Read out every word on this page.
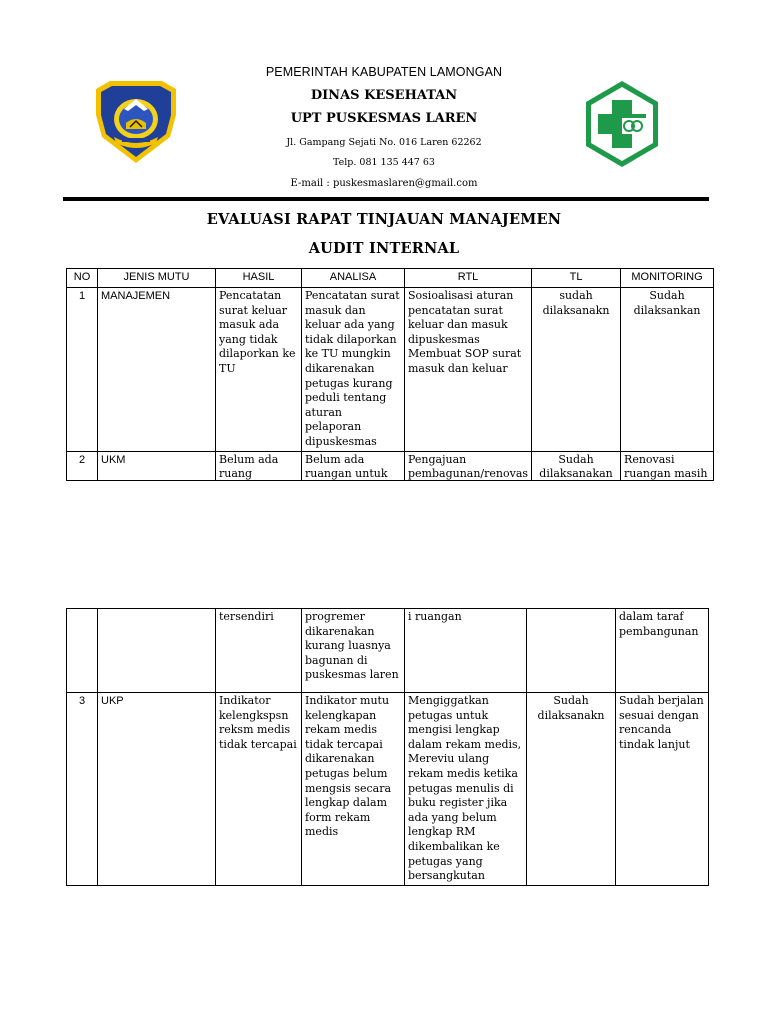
PEMERINTAH KABUPATEN LAMONGAN
DINAS KESEHATAN
UPT PUSKESMAS LAREN
Jl. Gampang Sejati No. 016 Laren 62262
Telp. 081 135 447 63
E-mail : puskesmaslaren@gmail.com
EVALUASI RAPAT TINJAUAN MANAJEMEN
AUDIT INTERNAL
NO	JENIS MUTU	HASIL	ANALISA	RTL	TL	MONITORING
1	MANAJEMEN	Pencatatan surat keluar masuk ada yang tidak dilaporkan ke TU	Pencatatan surat masuk dan keluar ada yang tidak dilaporkan ke TU mungkin dikarenakan petugas kurang peduli tentang aturan pelaporan dipuskesmas	Sosioalisasi aturan pencatatan surat keluar dan masuk dipuskesmas Membuat SOP surat masuk dan keluar	sudah dilaksanakn	Sudah dilaksankan
2	UKM	Belum ada ruang	Belum ada ruangan untuk	Pengajuan pembagunan/renovas	Sudah dilaksanakan	Renovasi ruangan masih
		tersendiri	progremer dikarenakan kurang luasnya bagunan di puskesmas laren	i ruangan		dalam taraf pembangunan
3	UKP	Indikator kelengkspsn reksm medis tidak tercapai	Indikator mutu kelengkapan rekam medis tidak tercapai dikarenakan petugas belum mengsis secara lengkap dalam form rekam medis	Mengiggatkan petugas untuk mengisi lengkap dalam rekam medis, Mereviu ulang rekam medis ketika petugas menulis di buku register jika ada yang belum lengkap RM dikembalikan ke petugas yang bersangkutan	Sudah dilaksanakn	Sudah berjalan sesuai dengan rencanda tindak lanjut
